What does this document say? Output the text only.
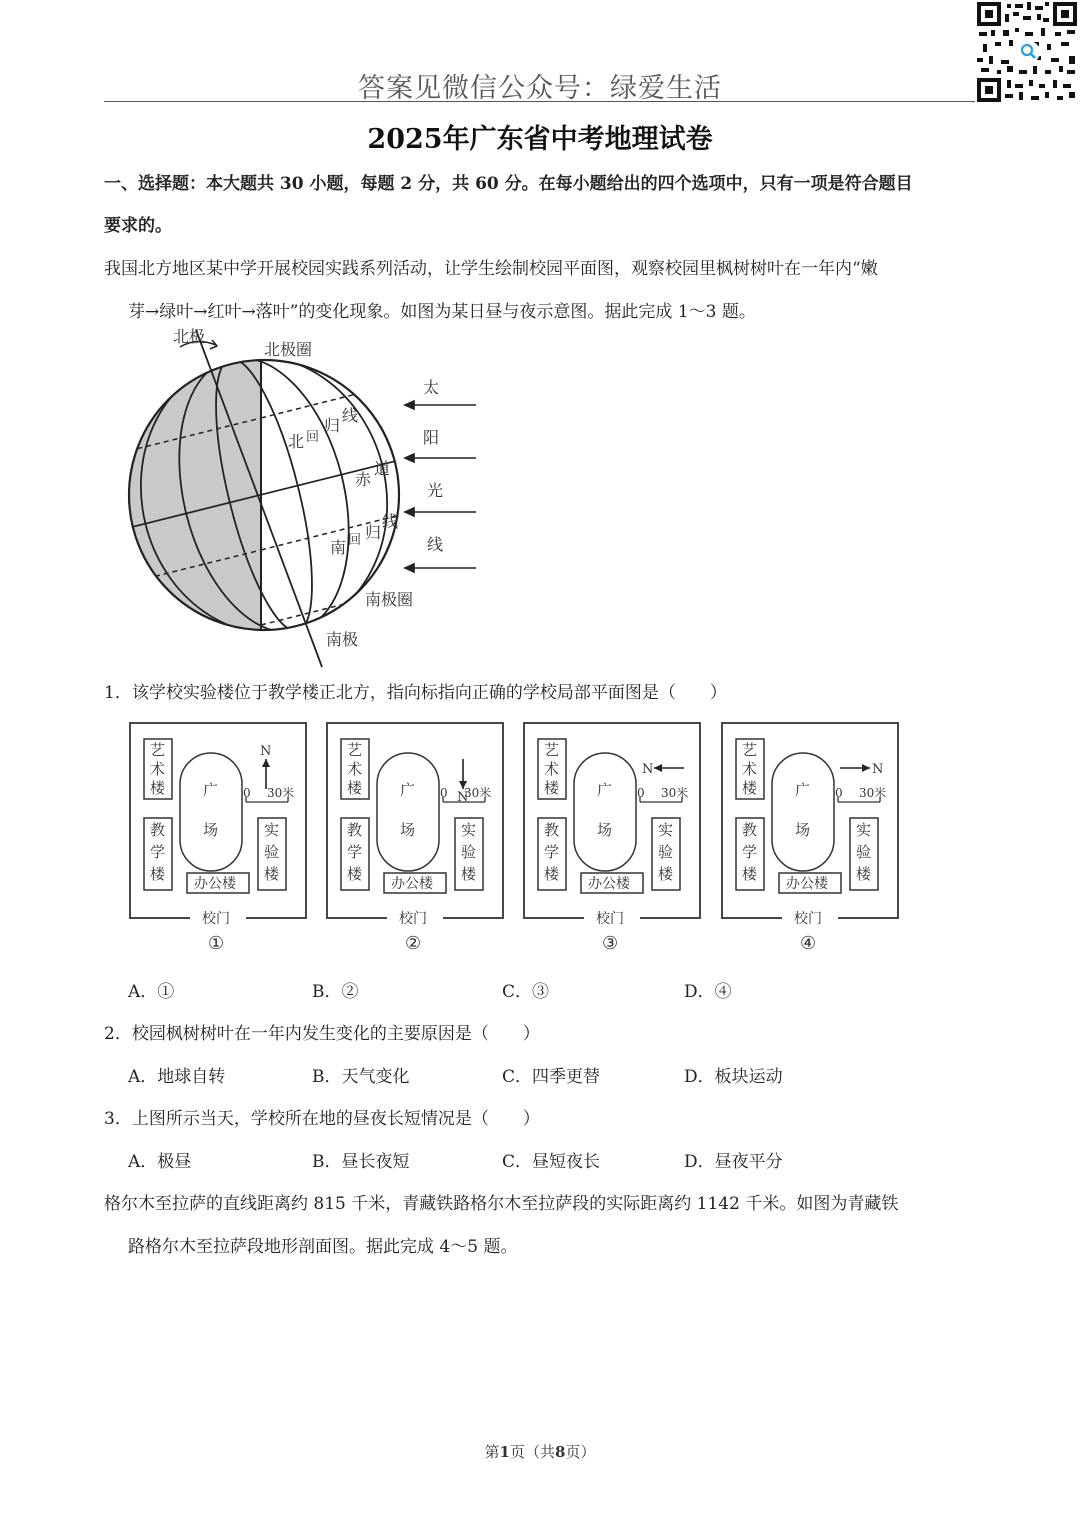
答案见微信公众号：绿爱生活
2025年广东省中考地理试卷
一、选择题：本大题共 30 小题，每题 2 分，共 60 分。在每小题给出的四个选项中，只有一项是符合题目
要求的。
我国北方地区某中学开展校园实践系列活动，让学生绘制校园平面图，观察校园里枫树树叶在一年内“嫩
芽→绿叶→红叶→落叶”的变化现象。如图为某日昼与夜示意图。据此完成 1～3 题。
北极
北极圈
北 回
归
线
赤
道
南 回 归
线
南极圈
南极
太
阳
光
线
1．该学校实验楼位于教学楼正北方，指向标指向正确的学校局部平面图是（　　）
艺
术
楼
教
学
楼
实
验
楼
广
场
办公楼
校门
0 30米
N
①
艺
术
楼
教
学
楼
实
验
楼
广
场
办公楼
校门
0 30米
N
②
艺
术
楼
教
学
楼
实
验
楼
广
场
办公楼
校门
0 30米
N
③
艺
术
楼
教
学
楼
实
验
楼
广
场
办公楼
校门
0 30米
N
④
A．①	B．②	C．③	D．④
2．校园枫树树叶在一年内发生变化的主要原因是（　　）
A．地球自转	B．天气变化	C．四季更替	D．板块运动
3．上图所示当天，学校所在地的昼夜长短情况是（　　）
A．极昼	B．昼长夜短	C．昼短夜长	D．昼夜平分
格尔木至拉萨的直线距离约 815 千米，青藏铁路格尔木至拉萨段的实际距离约 1142 千米。如图为青藏铁
路格尔木至拉萨段地形剖面图。据此完成 4～5 题。
第1页（共8页）
